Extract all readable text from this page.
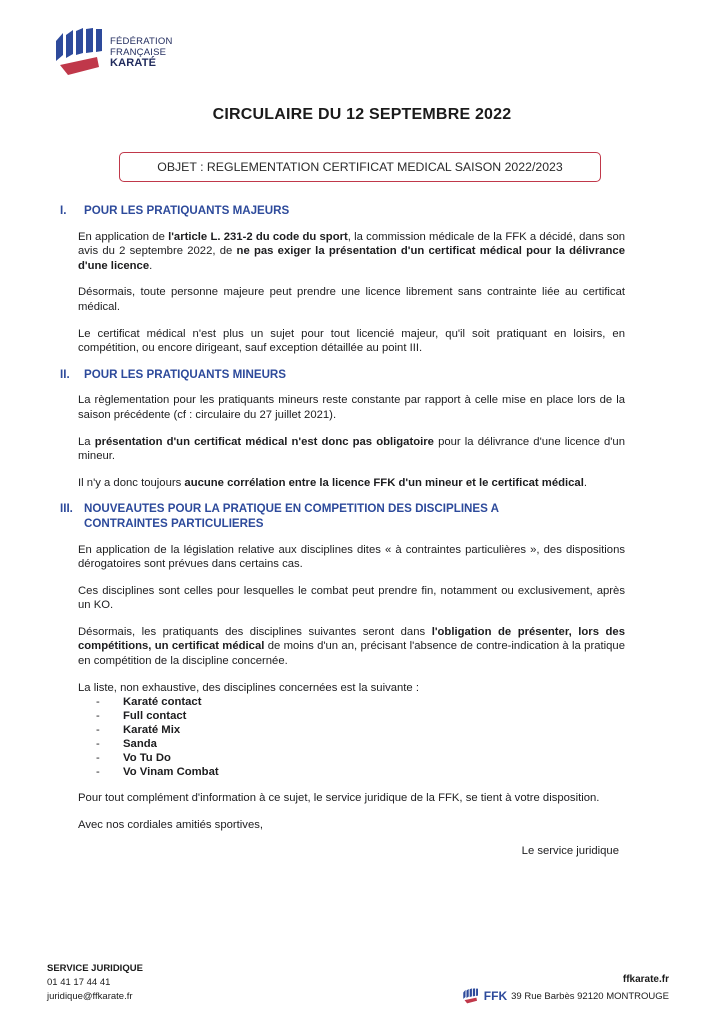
FÉDÉRATION
FRANÇAISE
KARATÉ
CIRCULAIRE DU 12 SEPTEMBRE 2022
OBJET : REGLEMENTATION CERTIFICAT MEDICAL SAISON 2022/2023
I.	POUR LES PRATIQUANTS MAJEURS

En application de l'article L. 231-2 du code du sport, la commission médicale de la FFK a décidé, dans son avis du 2 septembre 2022, de ne pas exiger la présentation d'un certificat médical pour la délivrance d'une licence.

Désormais, toute personne majeure peut prendre une licence librement sans contrainte liée au certificat médical.

Le certificat médical n'est plus un sujet pour tout licencié majeur, qu'il soit pratiquant en loisirs, en compétition, ou encore dirigeant, sauf exception détaillée au point III.

II.	POUR LES PRATIQUANTS MINEURS

La règlementation pour les pratiquants mineurs reste constante par rapport à celle mise en place lors de la saison précédente (cf : circulaire du 27 juillet 2021).

La présentation d'un certificat médical n'est donc pas obligatoire pour la délivrance d'une licence d'un mineur.

Il n'y a donc toujours aucune corrélation entre la licence FFK d'un mineur et le certificat médical.

III. NOUVEAUTES POUR LA PRATIQUE EN COMPETITION DES DISCIPLINES A
CONTRAINTES PARTICULIERES

En application de la législation relative aux disciplines dites « à contraintes particulières », des dispositions dérogatoires sont prévues dans certains cas.

Ces disciplines sont celles pour lesquelles le combat peut prendre fin, notamment ou exclusivement, après un KO.

Désormais, les pratiquants des disciplines suivantes seront dans l'obligation de présenter, lors des compétitions, un certificat médical de moins d'un an, précisant l'absence de contre-indication à la pratique en compétition de la discipline concernée.

La liste, non exhaustive, des disciplines concernées est la suivante :

-	Karaté contact
-	Full contact
-	Karaté Mix
-	Sanda
-	Vo Tu Do
-	Vo Vinam Combat

Pour tout complément d'information à ce sujet, le service juridique de la FFK, se tient à votre disposition.

Avec nos cordiales amitiés sportives,

Le service juridique
SERVICE JURIDIQUE
01 41 17 44 41
juridique@ffkarate.fr
ffkarate.fr
FFK 39 Rue Barbès 92120 MONTROUGE
